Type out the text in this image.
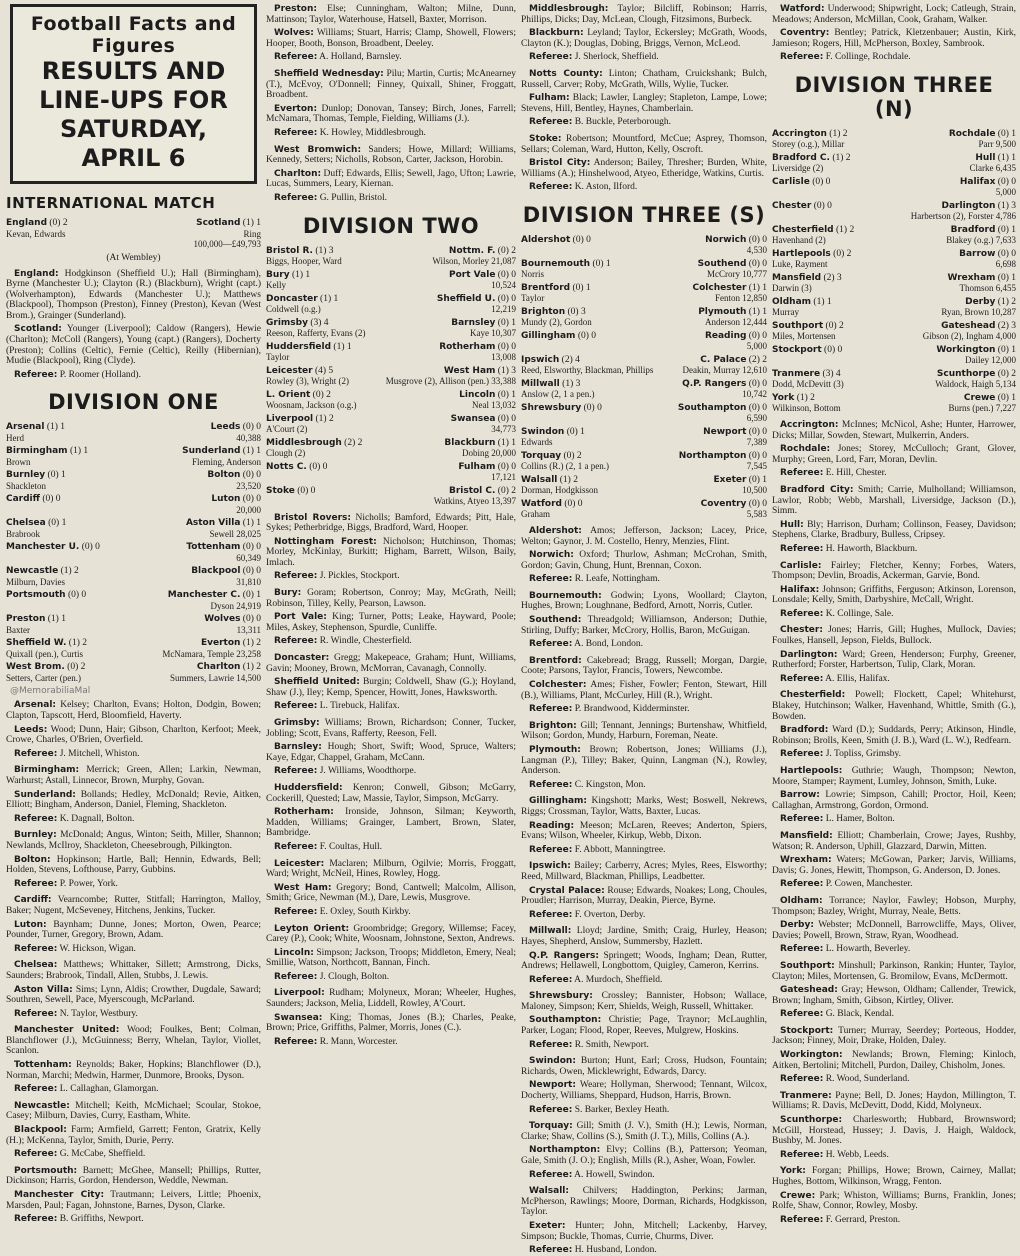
Football Facts and Figures
RESULTS AND LINE-UPS FOR
SATURDAY, APRIL 6
INTERNATIONAL MATCH
England (0) 2	Scotland (1) 1
Kevan, Edwards	Ring
100,000—£49,793
(At Wembley)

England: Hodgkinson (Sheffield U.); Hall (Birmingham), Byrne (Manchester U.); Clayton (R.) (Blackburn), Wright (capt.) (Wolverhampton), Edwards (Manchester U.); Matthews (Blackpool), Thompson (Preston), Finney (Preston), Kevan (West Brom.), Grainger (Sunderland).

Scotland: Younger (Liverpool); Caldow (Rangers), Hewie (Charlton); McColl (Rangers), Young (capt.) (Rangers), Docherty (Preston); Collins (Celtic), Fernie (Celtic), Reilly (Hibernian), Mudie (Blackpool), Ring (Clyde).

Referee: P. Roomer (Holland).

DIVISION ONE
Arsenal (1) 1	Leeds (0) 0
Herd	40,388
Birmingham (1) 1	Sunderland (1) 1
Brown	Fleming, Anderson
Burnley (0) 1	Bolton (0) 0
Shackleton	23,520
Cardiff (0) 0	Luton (0) 0
20,000
Chelsea (0) 1	Aston Villa (1) 1
Brabrook	Sewell 28,025
Manchester U. (0) 0	Tottenham (0) 0
60,349
Newcastle (1) 2	Blackpool (0) 0
Milburn, Davies	31,810
Portsmouth (0) 0	Manchester C. (0) 1
Dyson 24,919
Preston (1) 1	Wolves (0) 0
Baxter	13,311
Sheffield W. (1) 2	Everton (1) 2
Quixall (pen.), Curtis	McNamara, Temple 23,258
West Brom. (0) 2	Charlton (1) 2
Setters, Carter (pen.)	Summers, Lawrie 14,500
@MemorabiliaMal

Arsenal: Kelsey; Charlton, Evans; Holton, Dodgin, Bowen; Clapton, Tapscott, Herd, Bloomfield, Haverty.

Leeds: Wood; Dunn, Hair; Gibson, Charlton, Kerfoot; Meek, Crowe, Charles, O'Brien, Overfield.

Referee: J. Mitchell, Whiston.

Birmingham: Merrick; Green, Allen; Larkin, Newman, Warhurst; Astall, Linnecor, Brown, Murphy, Govan.

Sunderland: Bollands; Hedley, McDonald; Revie, Aitken, Elliott; Bingham, Anderson, Daniel, Fleming, Shackleton.

Referee: K. Dagnall, Bolton.

Burnley: McDonald; Angus, Winton; Seith, Miller, Shannon; Newlands, McIlroy, Shackleton, Cheesebrough, Pilkington.

Bolton: Hopkinson; Hartle, Ball; Hennin, Edwards, Bell; Holden, Stevens, Lofthouse, Parry, Gubbins.

Referee: P. Power, York.

Cardiff: Vearncombe; Rutter, Stitfall; Harrington, Malloy, Baker; Nugent, McSeveney, Hitchens, Jenkins, Tucker.

Luton: Baynham; Dunne, Jones; Morton, Owen, Pearce; Pounder, Turner, Gregory, Brown, Adam.

Referee: W. Hickson, Wigan.

Chelsea: Matthews; Whittaker, Sillett; Armstrong, Dicks, Saunders; Brabrook, Tindall, Allen, Stubbs, J. Lewis.

Aston Villa: Sims; Lynn, Aldis; Crowther, Dugdale, Saward; Southren, Sewell, Pace, Myerscough, McParland.

Referee: N. Taylor, Westbury.

Manchester United: Wood; Foulkes, Bent; Colman, Blanchflower (J.), McGuinness; Berry, Whelan, Taylor, Viollet, Scanlon.

Tottenham: Reynolds; Baker, Hopkins; Blanchflower (D.), Norman, Marchi; Medwin, Harmer, Dunmore, Brooks, Dyson.

Referee: L. Callaghan, Glamorgan.

Newcastle: Mitchell; Keith, McMichael; Scoular, Stokoe, Casey; Milburn, Davies, Curry, Eastham, White.

Blackpool: Farm; Armfield, Garrett; Fenton, Gratrix, Kelly (H.); McKenna, Taylor, Smith, Durie, Perry.

Referee: G. McCabe, Sheffield.

Portsmouth: Barnett; McGhee, Mansell; Phillips, Rutter, Dickinson; Harris, Gordon, Henderson, Weddle, Newman.

Manchester City: Trautmann; Leivers, Little; Phoenix, Marsden, Paul; Fagan, Johnstone, Barnes, Dyson, Clarke.

Referee: B. Griffiths, Newport.

Preston: Else; Cunningham, Walton; Milne, Dunn, Mattinson; Taylor, Waterhouse, Hatsell, Baxter, Morrison.

Wolves: Williams; Stuart, Harris; Clamp, Showell, Flowers; Hooper, Booth, Bonson, Broadbent, Deeley.

Referee: A. Holland, Barnsley.

Sheffield Wednesday: Pilu; Martin, Curtis; McAnearney (T.), McEvoy, O'Donnell; Finney, Quixall, Shiner, Froggatt, Broadbent.

Everton: Dunlop; Donovan, Tansey; Birch, Jones, Farrell; McNamara, Thomas, Temple, Fielding, Williams (J.).

Referee: K. Howley, Middlesbrough.

West Bromwich: Sanders; Howe, Millard; Williams, Kennedy, Setters; Nicholls, Robson, Carter, Jackson, Horobin.

Charlton: Duff; Edwards, Ellis; Sewell, Jago, Ufton; Lawrie, Lucas, Summers, Leary, Kiernan.

Referee: G. Pullin, Bristol.

DIVISION TWO
Bristol R. (1) 3	Nottm. F. (0) 2
Biggs, Hooper, Ward	Wilson, Morley 21,087
Bury (1) 1	Port Vale (0) 0
Kelly	10,524
Doncaster (1) 1	Sheffield U. (0) 0
Coldwell (o.g.)	12,219
Grimsby (3) 4	Barnsley (0) 1
Reeson, Rafferty, Evans (2)	Kaye 10,307
Huddersfield (1) 1	Rotherham (0) 0
Taylor	13,008
Leicester (4) 5	West Ham (1) 3
Rowley (3), Wright (2)	Musgrove (2), Allison (pen.) 33,388
L. Orient (0) 2	Lincoln (0) 1
Woosnam, Jackson (o.g.)	Neal 13,032
Liverpool (1) 2	Swansea (0) 0
A'Court (2)	34,773
Middlesbrough (2) 2	Blackburn (1) 1
Clough (2)	Dobing 20,000
Notts C. (0) 0	Fulham (0) 0
17,121
Stoke (0) 0	Bristol C. (0) 2
Watkins, Atyeo 13,397

Bristol Rovers: Nicholls; Bamford, Edwards; Pitt, Hale, Sykes; Petherbridge, Biggs, Bradford, Ward, Hooper.

Nottingham Forest: Nicholson; Hutchinson, Thomas; Morley, McKinlay, Burkitt; Higham, Barrett, Wilson, Baily, Imlach.

Referee: J. Pickles, Stockport.

Bury: Goram; Robertson, Conroy; May, McGrath, Neill; Robinson, Tilley, Kelly, Pearson, Lawson.

Port Vale: King; Turner, Potts; Leake, Hayward, Poole; Miles, Askey, Stephenson, Spurdle, Cunliffe.

Referee: R. Windle, Chesterfield.

Doncaster: Gregg; Makepeace, Graham; Hunt, Williams, Gavin; Mooney, Brown, McMorran, Cavanagh, Connolly.

Sheffield United: Burgin; Coldwell, Shaw (G.); Hoyland, Shaw (J.), Iley; Kemp, Spencer, Howitt, Jones, Hawksworth.

Referee: L. Tirebuck, Halifax.

Grimsby: Williams; Brown, Richardson; Conner, Tucker, Jobling; Scott, Evans, Rafferty, Reeson, Fell.

Barnsley: Hough; Short, Swift; Wood, Spruce, Walters; Kaye, Edgar, Chappel, Graham, McCann.

Referee: J. Williams, Woodthorpe.

Huddersfield: Kenron; Conwell, Gibson; McGarry, Cockerill, Quested; Law, Massie, Taylor, Simpson, McGarry.

Rotherham: Ironside, Johnson, Silman; Keyworth, Madden, Williams; Grainger, Lambert, Brown, Slater, Bambridge.

Referee: F. Coultas, Hull.

Leicester: Maclaren; Milburn, Ogilvie; Morris, Froggatt, Ward; Wright, McNeil, Hines, Rowley, Hogg.

West Ham: Gregory; Bond, Cantwell; Malcolm, Allison, Smith; Grice, Newman (M.), Dare, Lewis, Musgrove.

Referee: E. Oxley, South Kirkby.

Leyton Orient: Groombridge; Gregory, Willemse; Facey, Carey (P.), Cook; White, Woosnam, Johnstone, Sexton, Andrews.

Lincoln: Simpson; Jackson, Troops; Middleton, Emery, Neal; Smillie, Watson, Northcott, Bannan, Finch.

Referee: J. Clough, Bolton.

Liverpool: Rudham; Molyneux, Moran; Wheeler, Hughes, Saunders; Jackson, Melia, Liddell, Rowley, A'Court.

Swansea: King; Thomas, Jones (B.); Charles, Peake, Brown; Price, Griffiths, Palmer, Morris, Jones (C.).

Referee: R. Mann, Worcester.

Middlesbrough: Taylor; Bilcliff, Robinson; Harris, Phillips, Dicks; Day, McLean, Clough, Fitzsimons, Burbeck.

Blackburn: Leyland; Taylor, Eckersley; McGrath, Woods, Clayton (K.); Douglas, Dobing, Briggs, Vernon, McLeod.

Referee: J. Sherlock, Sheffield.

Notts County: Linton; Chatham, Cruickshank; Bulch, Russell, Carver; Roby, McGrath, Wills, Wylie, Tucker.

Fulham: Black; Lawler, Langley; Stapleton, Lampe, Lowe; Stevens, Hill, Bentley, Haynes, Chamberlain.

Referee: B. Buckle, Peterborough.

Stoke: Robertson; Mountford, McCue; Asprey, Thomson, Sellars; Coleman, Ward, Hutton, Kelly, Oscroft.

Bristol City: Anderson; Bailey, Thresher; Burden, White, Williams (A.); Hinshelwood, Atyeo, Etheridge, Watkins, Curtis.

Referee: K. Aston, Ilford.

DIVISION THREE (S)
Aldershot (0) 0	Norwich (0) 0
4,530
Bournemouth (0) 1	Southend (0) 0
Norris	McCrory 10,777
Brentford (0) 1	Colchester (1) 1
Taylor	Fenton 12,850
Brighton (0) 3	Plymouth (1) 1
Mundy (2), Gordon	Anderson 12,444
Gillingham (0) 0	Reading (0) 0
5,000
Ipswich (2) 4	C. Palace (2) 2
Reed, Elsworthy, Blackman, Phillips	Deakin, Murray 12,610
Millwall (1) 3	Q.P. Rangers (0) 0
Anslow (2, 1 a pen.)	10,742
Shrewsbury (0) 0	Southampton (0) 0
6,590
Swindon (0) 1	Newport (0) 0
Edwards	7,389
Torquay (0) 2	Northampton (0) 0
Collins (R.) (2, 1 a pen.)	7,545
Walsall (1) 2	Exeter (0) 1
Dorman, Hodgkisson	10,500
Watford (0) 0	Coventry (0) 0
Graham	5,583

Aldershot: Amos; Jefferson, Jackson; Lacey, Price, Welton; Gaynor, J. M. Costello, Henry, Menzies, Flint.

Norwich: Oxford; Thurlow, Ashman; McCrohan, Smith, Gordon; Gavin, Chung, Hunt, Brennan, Coxon.

Referee: R. Leafe, Nottingham.

Bournemouth: Godwin; Lyons, Woollard; Clayton, Hughes, Brown; Loughnane, Bedford, Arnott, Norris, Cutler.

Southend: Threadgold; Williamson, Anderson; Duthie, Stirling, Duffy; Barker, McCrory, Hollis, Baron, McGuigan.

Referee: A. Bond, London.

Brentford: Cakebread; Bragg, Russell; Morgan, Dargie, Coote; Parsons, Taylor, Francis, Towers, Newcombe.

Colchester: Ames; Fisher, Fowler; Fenton, Stewart, Hill (B.), Williams, Plant, McCurley, Hill (R.), Wright.

Referee: P. Brandwood, Kidderminster.

Brighton: Gill; Tennant, Jennings; Burtenshaw, Whitfield, Wilson; Gordon, Mundy, Harburn, Foreman, Neate.

Plymouth: Brown; Robertson, Jones; Williams (J.), Langman (P.), Tilley; Baker, Quinn, Langman (N.), Rowley, Anderson.

Referee: C. Kingston, Mon.

Gillingham: Kingshott; Marks, West; Boswell, Nekrews, Riggs; Crossman, Taylor, Watts, Baxter, Lucas.

Reading: Meeson; McLaren, Reeves; Anderton, Spiers, Evans; Wilson, Wheeler, Kirkup, Webb, Dixon.

Referee: F. Abbott, Manningtree.

Ipswich: Bailey; Carberry, Acres; Myles, Rees, Elsworthy; Reed, Millward, Blackman, Phillips, Leadbetter.

Crystal Palace: Rouse; Edwards, Noakes; Long, Choules, Proudler; Harrison, Murray, Deakin, Pierce, Byrne.

Referee: F. Overton, Derby.

Millwall: Lloyd; Jardine, Smith; Craig, Hurley, Heason; Hayes, Shepherd, Anslow, Summersby, Hazlett.

Q.P. Rangers: Springett; Woods, Ingham; Dean, Rutter, Andrews; Hellawell, Longbottom, Quigley, Cameron, Kerrins.

Referee: A. Murdoch, Sheffield.

Shrewsbury: Crossley; Bannister, Hobson; Wallace, Maloney, Simpson; Kerr, Shields, Weigh, Russell, Whittaker.

Southampton: Christie; Page, Traynor; McLaughlin, Parker, Logan; Flood, Roper, Reeves, Mulgrew, Hoskins.

Referee: R. Smith, Newport.

Swindon: Burton; Hunt, Earl; Cross, Hudson, Fountain; Richards, Owen, Micklewright, Edwards, Darcy.

Newport: Weare; Hollyman, Sherwood; Tennant, Wilcox, Docherty, Williams, Sheppard, Hudson, Harris, Brown.

Referee: S. Barker, Bexley Heath.

Torquay: Gill; Smith (J. V.), Smith (H.); Lewis, Norman, Clarke; Shaw, Collins (S.), Smith (J. T.), Mills, Collins (A.).

Northampton: Elvy; Collins (B.), Patterson; Yeoman, Gale, Smith (J. O.); English, Mills (R.), Asher, Woan, Fowler.

Referee: A. Howell, Swindon.

Walsall: Chilvers; Haddington, Perkins; Jarman, McPherson, Rawlings; Moore, Dorman, Richards, Hodgkisson, Taylor.

Exeter: Hunter; John, Mitchell; Lackenby, Harvey, Simpson; Buckle, Thomas, Currie, Churms, Diver.

Referee: H. Husband, London.

Watford: Underwood; Shipwright, Lock; Catleugh, Strain, Meadows; Anderson, McMillan, Cook, Graham, Walker.

Coventry: Bentley; Patrick, Kletzenbauer; Austin, Kirk, Jamieson; Rogers, Hill, McPherson, Boxley, Sambrook.

Referee: F. Collinge, Rochdale.

DIVISION THREE (N)
Accrington (1) 2	Rochdale (0) 1
Storey (o.g.), Millar	Parr 9,500
Bradford C. (1) 2	Hull (1) 1
Liversidge (2)	Clarke 6,435
Carlisle (0) 0	Halifax (0) 0
5,000
Chester (0) 0	Darlington (1) 3
Harbertson (2), Forster 4,786
Chesterfield (1) 2	Bradford (0) 1
Havenhand (2)	Blakey (o.g.) 7,633
Hartlepools (0) 2	Barrow (0) 0
Luke, Rayment	6,698
Mansfield (2) 3	Wrexham (0) 1
Darwin (3)	Thomson 6,455
Oldham (1) 1	Derby (1) 2
Murray	Ryan, Brown 10,287
Southport (0) 2	Gateshead (2) 3
Miles, Mortensen	Gibson (2), Ingham 4,000
Stockport (0) 0	Workington (0) 1
Dailey 12,000
Tranmere (3) 4	Scunthorpe (0) 2
Dodd, McDevitt (3)	Waldock, Haigh 5,134
York (1) 2	Crewe (0) 1
Wilkinson, Bottom	Burns (pen.) 7,227

Accrington: McInnes; McNicol, Ashe; Hunter, Harrower, Dicks; Millar, Sowden, Stewart, Mulkerrin, Anders.

Rochdale: Jones; Storey, McCulloch; Grant, Glover, Murphy; Green, Lord, Farr, Moran, Devlin.

Referee: E. Hill, Chester.

Bradford City: Smith; Carrie, Mulholland; Williamson, Lawlor, Robb; Webb, Marshall, Liversidge, Jackson (D.), Simm.

Hull: Bly; Harrison, Durham; Collinson, Feasey, Davidson; Stephens, Clarke, Bradbury, Bulless, Cripsey.

Referee: H. Haworth, Blackburn.

Carlisle: Fairley; Fletcher, Kenny; Forbes, Waters, Thompson; Devlin, Broadis, Ackerman, Garvie, Bond.

Halifax: Johnson; Griffiths, Ferguson; Atkinson, Lorenson, Lonsdale; Kelly, Smith, Darbyshire, McCall, Wright.

Referee: K. Collinge, Sale.

Chester: Jones; Harris, Gill; Hughes, Mullock, Davies; Foulkes, Hansell, Jepson, Fields, Bullock.

Darlington: Ward; Green, Henderson; Furphy, Greener, Rutherford; Forster, Harbertson, Tulip, Clark, Moran.

Referee: A. Ellis, Halifax.

Chesterfield: Powell; Flockett, Capel; Whitehurst, Blakey, Hutchinson; Walker, Havenhand, Whittle, Smith (G.), Bowden.

Bradford: Ward (D.); Suddards, Perry; Atkinson, Hindle, Robinson; Brolls, Keen, Smith (J. B.), Ward (L. W.), Redfearn.

Referee: J. Topliss, Grimsby.

Hartlepools: Guthrie; Waugh, Thompson; Newton, Moore, Stamper; Rayment, Lumley, Johnson, Smith, Luke.

Barrow: Lowrie; Simpson, Cahill; Proctor, Hoil, Keen; Callaghan, Armstrong, Gordon, Ormond.

Referee: L. Hamer, Bolton.

Mansfield: Elliott; Chamberlain, Crowe; Jayes, Rushby, Watson; R. Anderson, Uphill, Glazzard, Darwin, Mitten.

Wrexham: Waters; McGowan, Parker; Jarvis, Williams, Davis; G. Jones, Hewitt, Thompson, G. Anderson, D. Jones.

Referee: P. Cowen, Manchester.

Oldham: Torrance; Naylor, Fawley; Hobson, Murphy, Thompson; Bazley, Wright, Murray, Neale, Betts.

Derby: Webster; McDonnell, Barrowcliffe, Mays, Oliver, Davies; Powell, Brown, Straw, Ryan, Woodhead.

Referee: L. Howarth, Beverley.

Southport: Minshull; Parkinson, Rankin; Hunter, Taylor, Clayton; Miles, Mortensen, G. Bromilow, Evans, McDermott.

Gateshead: Gray; Hewson, Oldham; Callender, Trewick, Brown; Ingham, Smith, Gibson, Kirtley, Oliver.

Referee: G. Black, Kendal.

Stockport: Turner; Murray, Seerdey; Porteous, Hodder, Jackson; Finney, Moir, Drake, Holden, Daley.

Workington: Newlands; Brown, Fleming; Kinloch, Aitken, Bertolini; Mitchell, Purdon, Dailey, Chisholm, Jones.

Referee: R. Wood, Sunderland.

Tranmere: Payne; Bell, D. Jones; Haydon, Millington, T. Williams; R. Davis, McDevitt, Dodd, Kidd, Molyneux.

Scunthorpe: Charlesworth; Hubbard, Brownsword; McGill, Horstead, Hussey; J. Davis, J. Haigh, Waldock, Bushby, M. Jones.

Referee: H. Webb, Leeds.

York: Forgan; Phillips, Howe; Brown, Cairney, Mallat; Hughes, Bottom, Wilkinson, Wragg, Fenton.

Crewe: Park; Whiston, Williams; Burns, Franklin, Jones; Rolfe, Shaw, Connor, Rowley, Mosby.

Referee: F. Gerrard, Preston.
